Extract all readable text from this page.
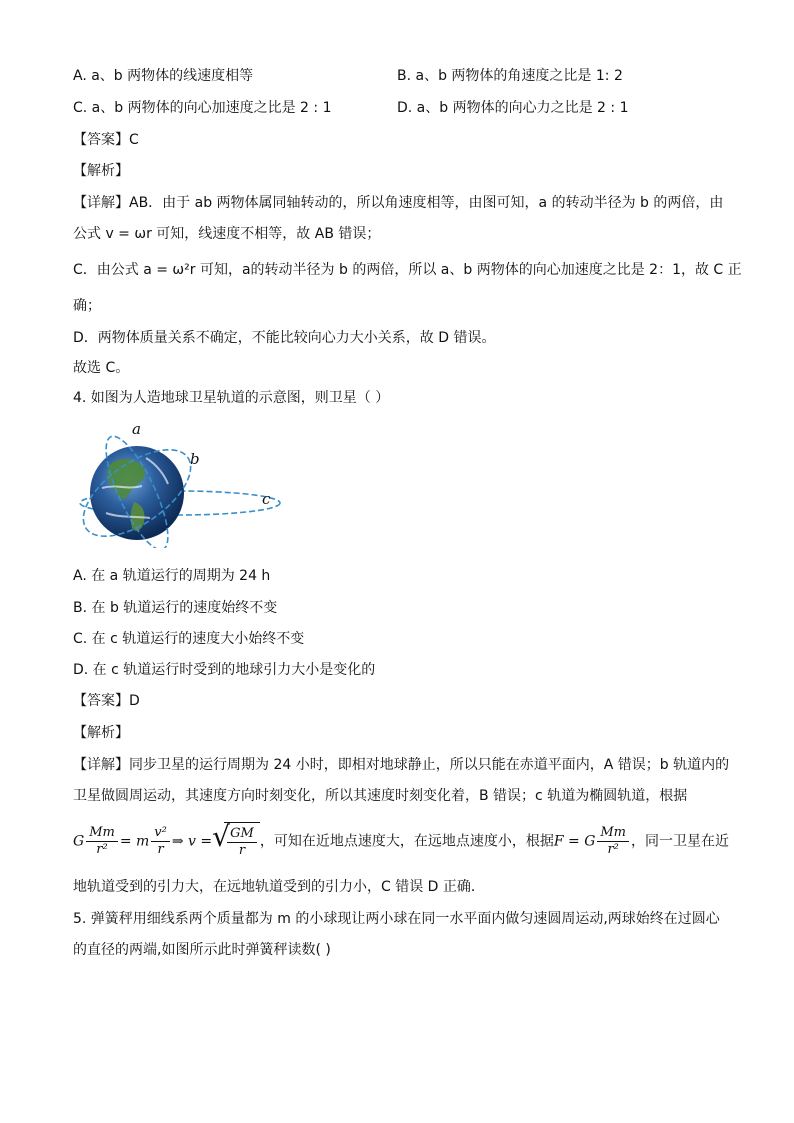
A. a、b 两物体的线速度相等	B. a、b 两物体的角速度之比是 1: 2
C. a、b 两物体的向心加速度之比是 2 : 1	D. a、b 两物体的向心力之比是 2 : 1
【答案】C
【解析】
【详解】AB．由于 ab 两物体属同轴转动的，所以角速度相等，由图可知，a 的转动半径为 b 的两倍，由
公式 v = ωr 可知，线速度不相等，故 AB 错误；
C．由公式 a = ω²r 可知，a的转动半径为 b 的两倍，所以 a、b 两物体的向心加速度之比是 2：1，故 C 正
确；
D．两物体质量关系不确定，不能比较向心力大小关系，故 D 错误。
故选 C。
4. 如图为人造地球卫星轨道的示意图，则卫星（ ）
a
b
c
A. 在 a 轨道运行的周期为 24 h
B. 在 b 轨道运行的速度始终不变
C. 在 c 轨道运行的速度大小始终不变
D. 在 c 轨道运行时受到的地球引力大小是变化的
【答案】D
【解析】
【详解】同步卫星的运行周期为 24 小时，即相对地球静止，所以只能在赤道平面内，A 错误；b 轨道内的
卫星做圆周运动，其速度方向时刻变化，所以其速度时刻变化着，B 错误；c 轨道为椭圆轨道，根据
G $\frac{Mm}{\text{r²}} = m \frac{\text{v²}}{r}$ ⇒ v = √
$\frac{GM}{r}$ ，可知在近地点速度大，在远地点速度小，根据F = G $\frac{Mm}{\text{r²}}$ ，同一卫星在近
地轨道受到的引力大，在远地轨道受到的引力小，C 错误 D 正确．
5. 弹簧秤用细线系两个质量都为 m 的小球现让两小球在同一水平面内做匀速圆周运动,两球始终在过圆心
的直径的两端,如图所示此时弹簧秤读数( )
